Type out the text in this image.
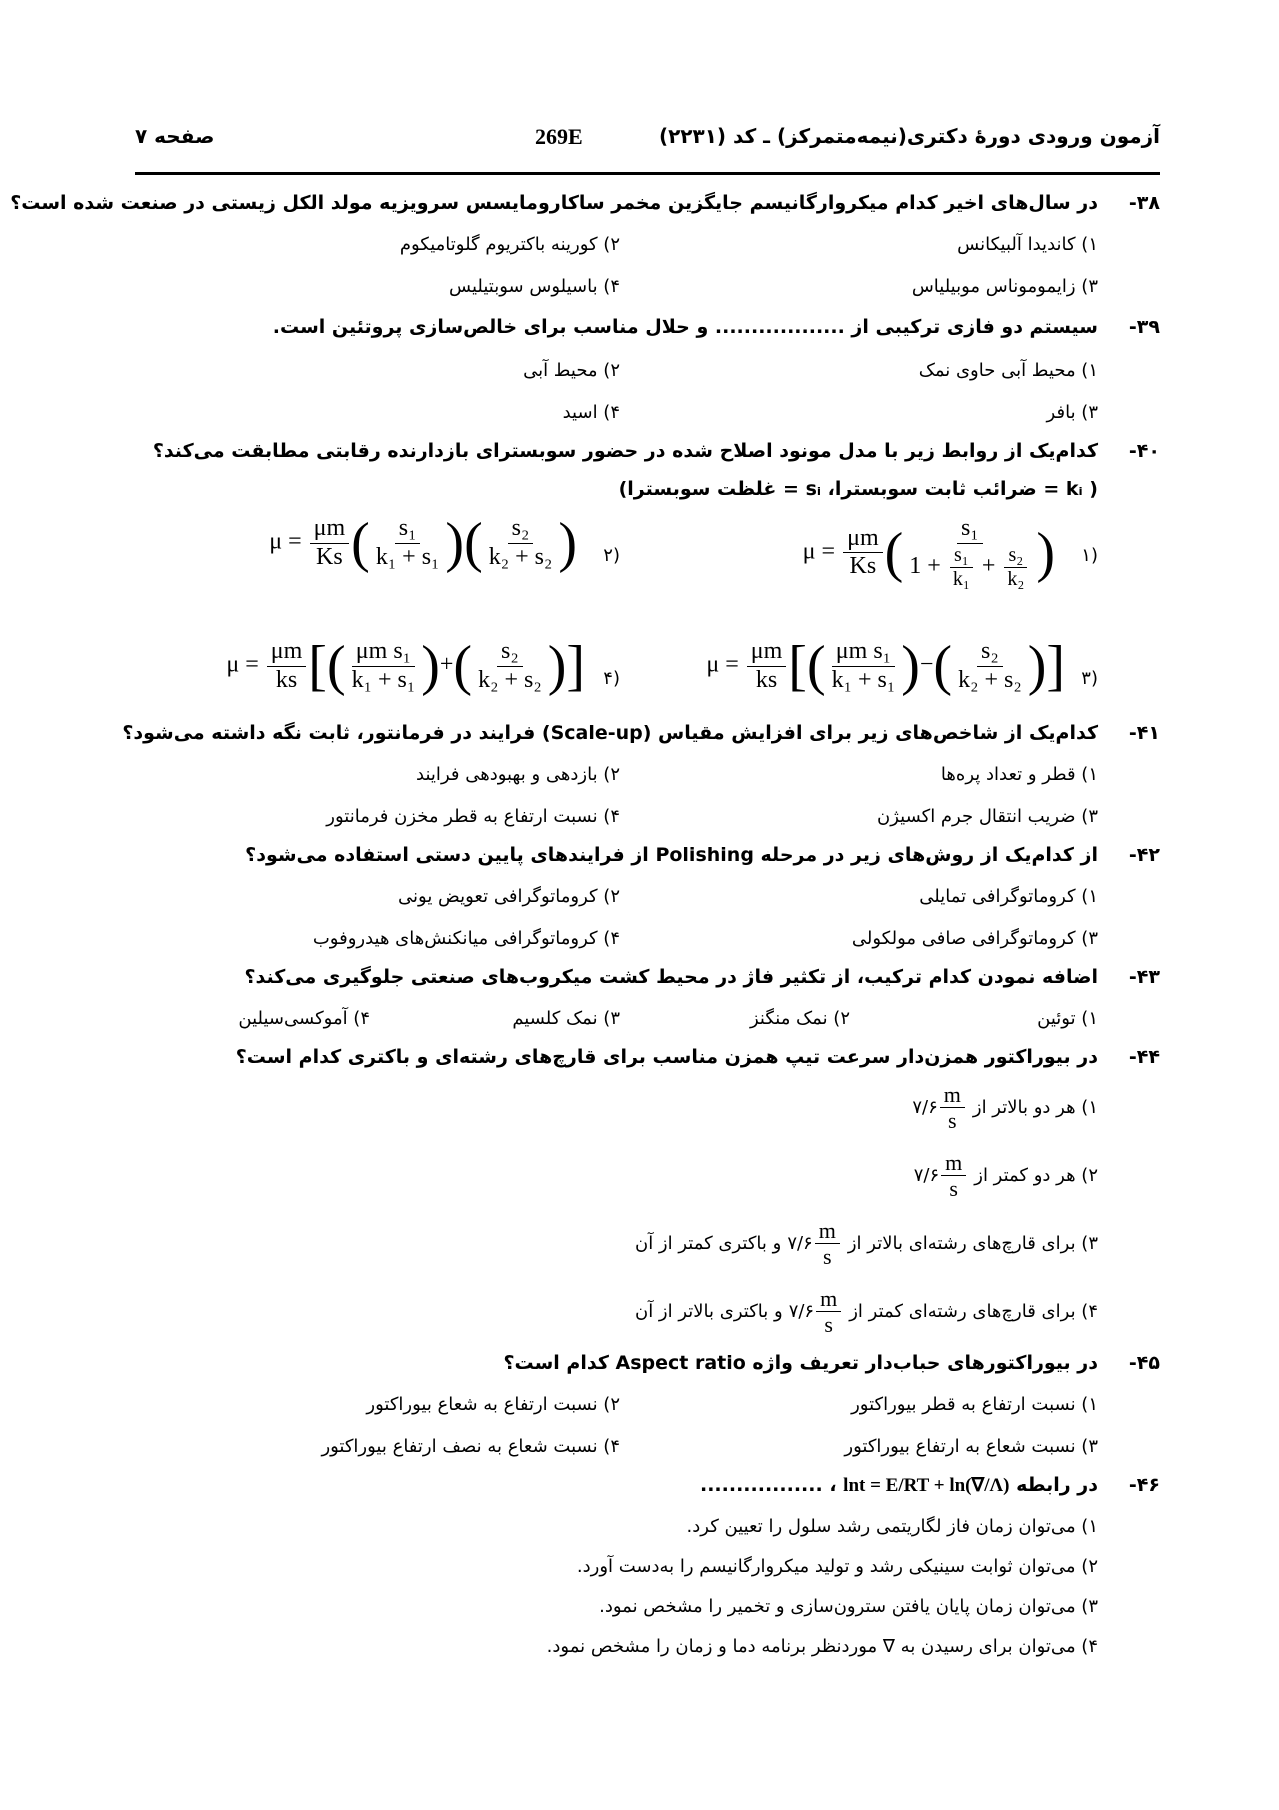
آزمون ورودی دورهٔ دکتری(نیمه‌متمرکز) ـ کد (۲۲۳۱)
269E
صفحه ۷
۳۸-
در سال‌های اخیر کدام میکروارگانیسم جایگزین مخمر ساکارومایسس سرویزیه مولد الکل زیستی در صنعت شده است؟
۱) کاندیدا آلبیکانس
۲) کورینه باکتریوم گلوتامیکوم
۳) زایموموناس موبیلیاس
۴) باسیلوس سوبتیلیس
۳۹-
سیستم دو فازی ترکیبی از .................. و حلال مناسب برای خالص‌سازی پروتئین است.
۱) محیط آبی حاوی نمک
۲) محیط آبی
۳) بافر
۴) اسید
۴۰-
کدام‌یک از روابط زیر با مدل مونود اصلاح شده در حضور سوبسترای بازدارنده رقابتی مطابقت می‌کند؟
( kᵢ = ضرائب ثابت سوبسترا، sᵢ = غلظت سوبسترا)
(۱
$\mu = \frac{\mu m}{Ks}$ ( $\frac{\text{s₁}}{1 + \frac{\text{s₁}}{\text{k₁}} + \frac{\text{s₂}}{\text{k₂}}}$ )
(۲
$\mu = \frac{\mu m}{Ks}$ ( $\frac{\text{s₁}}{\text{k₁ + s₁}}$ )( $\frac{\text{s₂}}{\text{k₂ + s₂}}$ )
(۳
$\mu = \frac{\mu m}{ks}$ [( $\frac{\text{μm s₁}}{\text{k₁ + s₁}}$ )−( $\frac{\text{s₂}}{\text{k₂ + s₂}}$ )]
(۴
$\mu = \frac{\mu m}{ks}$ [( $\frac{\text{μm s₁}}{\text{k₁ + s₁}}$ )+( $\frac{\text{s₂}}{\text{k₂ + s₂}}$ )]
۴۱-
کدام‌یک از شاخص‌های زیر برای افزایش مقیاس (Scale-up) فرایند در فرمانتور، ثابت نگه داشته می‌شود؟
۱) قطر و تعداد پره‌ها
۲) بازدهی و بهبودهی فرایند
۳) ضریب انتقال جرم اکسیژن
۴) نسبت ارتفاع به قطر مخزن فرمانتور
۴۲-
از کدام‌یک از روش‌های زیر در مرحله Polishing از فرایندهای پایین دستی استفاده می‌شود؟
۱) کروماتوگرافی تمایلی
۲) کروماتوگرافی تعویض یونی
۳) کروماتوگرافی صافی مولکولی
۴) کروماتوگرافی میانکنش‌های هیدروفوب
۴۳-
اضافه نمودن کدام ترکیب، از تکثیر فاژ در محیط کشت میکروب‌های صنعتی جلوگیری می‌کند؟
۱) توئین
۲) نمک منگنز
۳) نمک کلسیم
۴) آموکسی‌سیلین
۴۴-
در بیوراکتور همزن‌دار سرعت تیپ همزن مناسب برای قارچ‌های رشته‌ای و باکتری کدام است؟
۱) هر دو بالاتر از
$\frac{m}{s}$
۷/۶
۲) هر دو کمتر از
$\frac{m}{s}$
۷/۶
۳) برای قارچ‌های رشته‌ای بالاتر از
$\frac{m}{s}$
۷/۶
و باکتری کمتر از آن
۴) برای قارچ‌های رشته‌ای کمتر از
$\frac{m}{s}$
۷/۶
و باکتری بالاتر از آن
۴۵-
در بیوراکتورهای حباب‌دار تعریف واژه Aspect ratio کدام است؟
۱) نسبت ارتفاع به قطر بیوراکتور
۲) نسبت ارتفاع به شعاع بیوراکتور
۳) نسبت شعاع به ارتفاع بیوراکتور
۴) نسبت شعاع به نصف ارتفاع بیوراکتور
۴۶-
در رابطه lnt = E/RT + ln(∇/Λ) ، .................
۱) می‌توان زمان فاز لگاریتمی رشد سلول را تعیین کرد.
۲) می‌توان ثوابت سینیکی رشد و تولید میکروارگانیسم را به‌دست آورد.
۳) می‌توان زمان پایان یافتن سترون‌سازی و تخمیر را مشخص نمود.
۴) می‌توان برای رسیدن به ∇ موردنظر برنامه دما و زمان را مشخص نمود.
